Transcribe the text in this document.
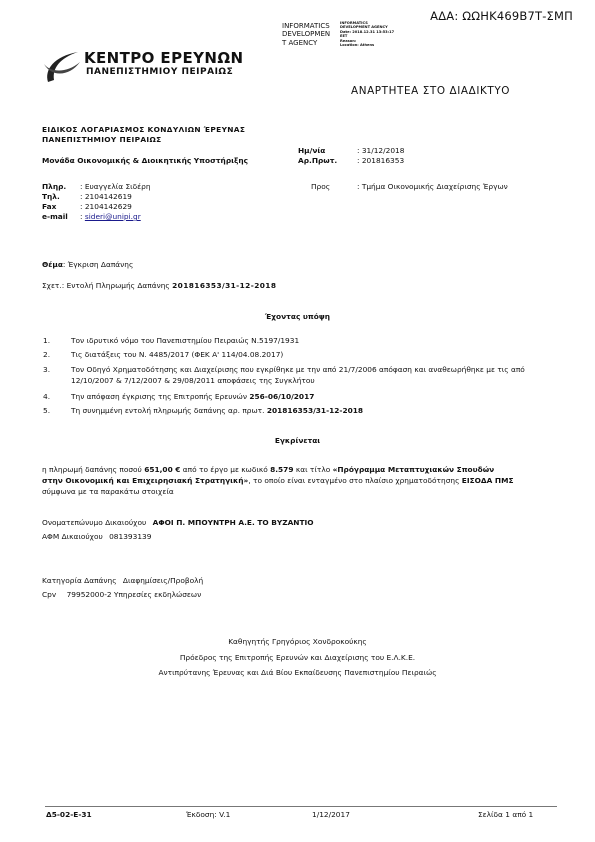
ΑΔΑ: ΩΩΗΚ469Β7Τ-ΣΜΠ
INFORMATICS
DEVELOPMEN
T AGENCY
INFORMATICS
DEVELOPMENT AGENCY
Date: 2018.12.31 13:53:17
EET
Reason:
Location: Athens
ΚΕΝΤΡΟ ΕΡΕΥΝΩΝ
ΠΑΝΕΠΙΣΤΗΜΙΟΥ ΠΕΙΡΑΙΩΣ
ΑΝΑΡΤΗΤΕΑ ΣΤΟ ΔΙΑΔΙΚΤΥΟ
ΕΙΔΙΚΟΣ ΛΟΓΑΡΙΑΣΜΟΣ ΚΟΝΔΥΛΙΩΝ ΈΡΕΥΝΑΣ
ΠΑΝΕΠΙΣΤΗΜΙΟΥ ΠΕΙΡΑΙΩΣ
Μονάδα Οικονομικής & Διοικητικής Υποστήριξης
Ημ/νία	: 31/12/2018
Αρ.Πρωτ.	: 201816353
Πληρ. : Ευαγγελία Σιδέρη
Τηλ.	: 2104142619
Fax	: 2104142629
e-mail : sideri@unipi.gr
Προς	: Τμήμα Οικονομικής Διαχείρισης Έργων
Θέμα: Έγκριση Δαπάνης
Σχετ.: Εντολή Πληρωμής Δαπάνης 201816353/31-12-2018
Έχοντας υπόψη
1.	Τον ιδρυτικό νόμο του Πανεπιστημίου Πειραιώς Ν.5197/1931
2.	Τις διατάξεις του Ν. 4485/2017 (ΦΕΚ Α' 114/04.08.2017)
3.	Τον Οδηγό Χρηματοδότησης και Διαχείρισης που εγκρίθηκε με την από 21/7/2006 απόφαση και αναθεωρήθηκε με τις από
12/10/2007 & 7/12/2007 & 29/08/2011 αποφάσεις της Συγκλήτου
4.	Την απόφαση έγκρισης της Επιτροπής Ερευνών 256-06/10/2017
5.	Τη συνημμένη εντολή πληρωμής δαπάνης αρ. πρωτ. 201816353/31-12-2018
Εγκρίνεται
η πληρωμή δαπάνης ποσού 651,00 € από το έργο με κωδικό 8.579 και τίτλο «Πρόγραμμα Μεταπτυχιακών Σπουδών
στην Οικονομική και Επιχειρησιακή Στρατηγική», το οποίο είναι ενταγμένο στο πλαίσιο χρηματοδότησης ΕΙΣΟΔΑ ΠΜΣ
σύμφωνα με τα παρακάτω στοιχεία
Ονοματεπώνυμο Δικαιούχου ΑΦΟΙ Π. ΜΠΟΥΝΤΡΗ Α.Ε. ΤΟ ΒΥΖΑΝΤΙΟ
ΑΦΜ Δικαιούχου 081393139
Κατηγορία Δαπάνης Διαφημίσεις/Προβολή
Cpv 79952000-2 Υπηρεσίες εκδηλώσεων
Καθηγητής Γρηγόριος Χονδροκούκης
Πρόεδρος της Επιτροπής Ερευνών και Διαχείρισης του Ε.Λ.Κ.Ε.
Αντιπρύτανης Έρευνας και Διά Βίου Εκπαίδευσης Πανεπιστημίου Πειραιώς
Δ5-02-Ε-31	Έκδοση: V.1	1/12/2017	Σελίδα 1 από 1
